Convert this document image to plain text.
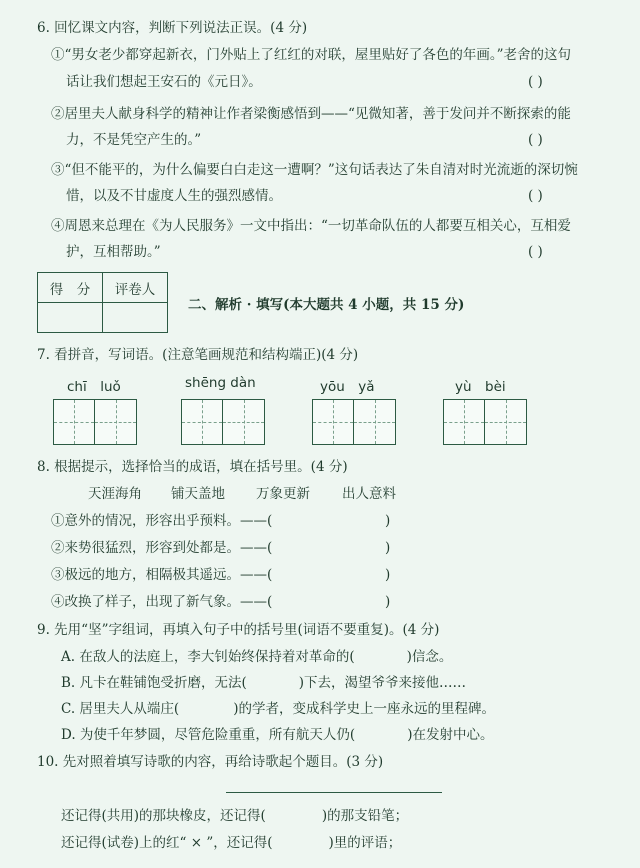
6. 回忆课文内容，判断下列说法正误。(4 分)
①“男女老少都穿起新衣，门外贴上了红红的对联，屋里贴好了各色的年画。”老舍的这句
话让我们想起王安石的《元日》。	( )
②居里夫人献身科学的精神让作者梁衡感悟到——“见微知著，善于发问并不断探索的能
力，不是凭空产生的。”	( )
③“但不能平的，为什么偏要白白走这一遭啊？”这句话表达了朱自清对时光流逝的深切惋
惜，以及不甘虚度人生的强烈感情。	( )
④周恩来总理在《为人民服务》一文中指出：“一切革命队伍的人都要互相关心，互相爱
护，互相帮助。”	( )
得　分	评卷人

二、解析 · 填写(本大题共 4 小题，共 15 分)
7. 看拼音，写词语。(注意笔画规范和结构端正)(4 分)
chī　luǒ	shēng dàn	yōu　yǎ	yù　bèi
8. 根据提示，选择恰当的成语，填在括号里。(4 分)
天涯海角 铺天盖地 万象更新 出人意料
①意外的情况，形容出乎预料。——(	)
②来势很猛烈，形容到处都是。——(	)
③极远的地方，相隔极其遥远。——(	)
④改换了样子，出现了新气象。——(	)
9. 先用“坚”字组词，再填入句子中的括号里(词语不要重复)。(4 分)
A. 在敌人的法庭上，李大钊始终保持着对革命的(	)信念。
B. 凡卡在鞋铺饱受折磨，无法(	)下去，渴望爷爷来接他……
C. 居里夫人从端庄(	)的学者，变成科学史上一座永远的里程碑。
D. 为使千年梦圆，尽管危险重重，所有航天人仍(	)在发射中心。
10. 先对照着填写诗歌的内容，再给诗歌起个题目。(3 分)
还记得(共用)的那块橡皮，还记得(	)的那支铅笔；
还记得(试卷)上的红“ × ”，还记得(	)里的评语；
